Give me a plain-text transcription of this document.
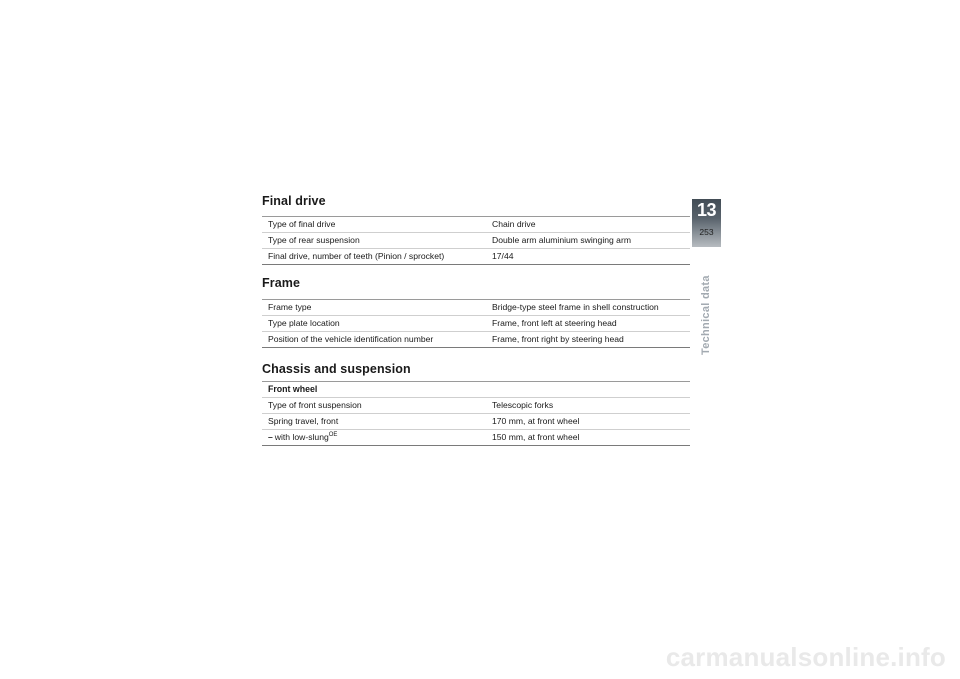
Final drive
Type of final drive	Chain drive
Type of rear suspension	Double arm aluminium swinging arm
Final drive, number of teeth (Pinion / sprocket)	17/44
Frame
Frame type	Bridge-type steel frame in shell construction
Type plate location	Frame, front left at steering head
Position of the vehicle identification number	Frame, front right by steering head
Chassis and suspension
Front wheel	
Type of front suspension	Telescopic forks
Spring travel, front	170 mm, at front wheel
– with low-slung$^{OE}$	150 mm, at front wheel
13
253
Technical data
carmanualsonline.info
